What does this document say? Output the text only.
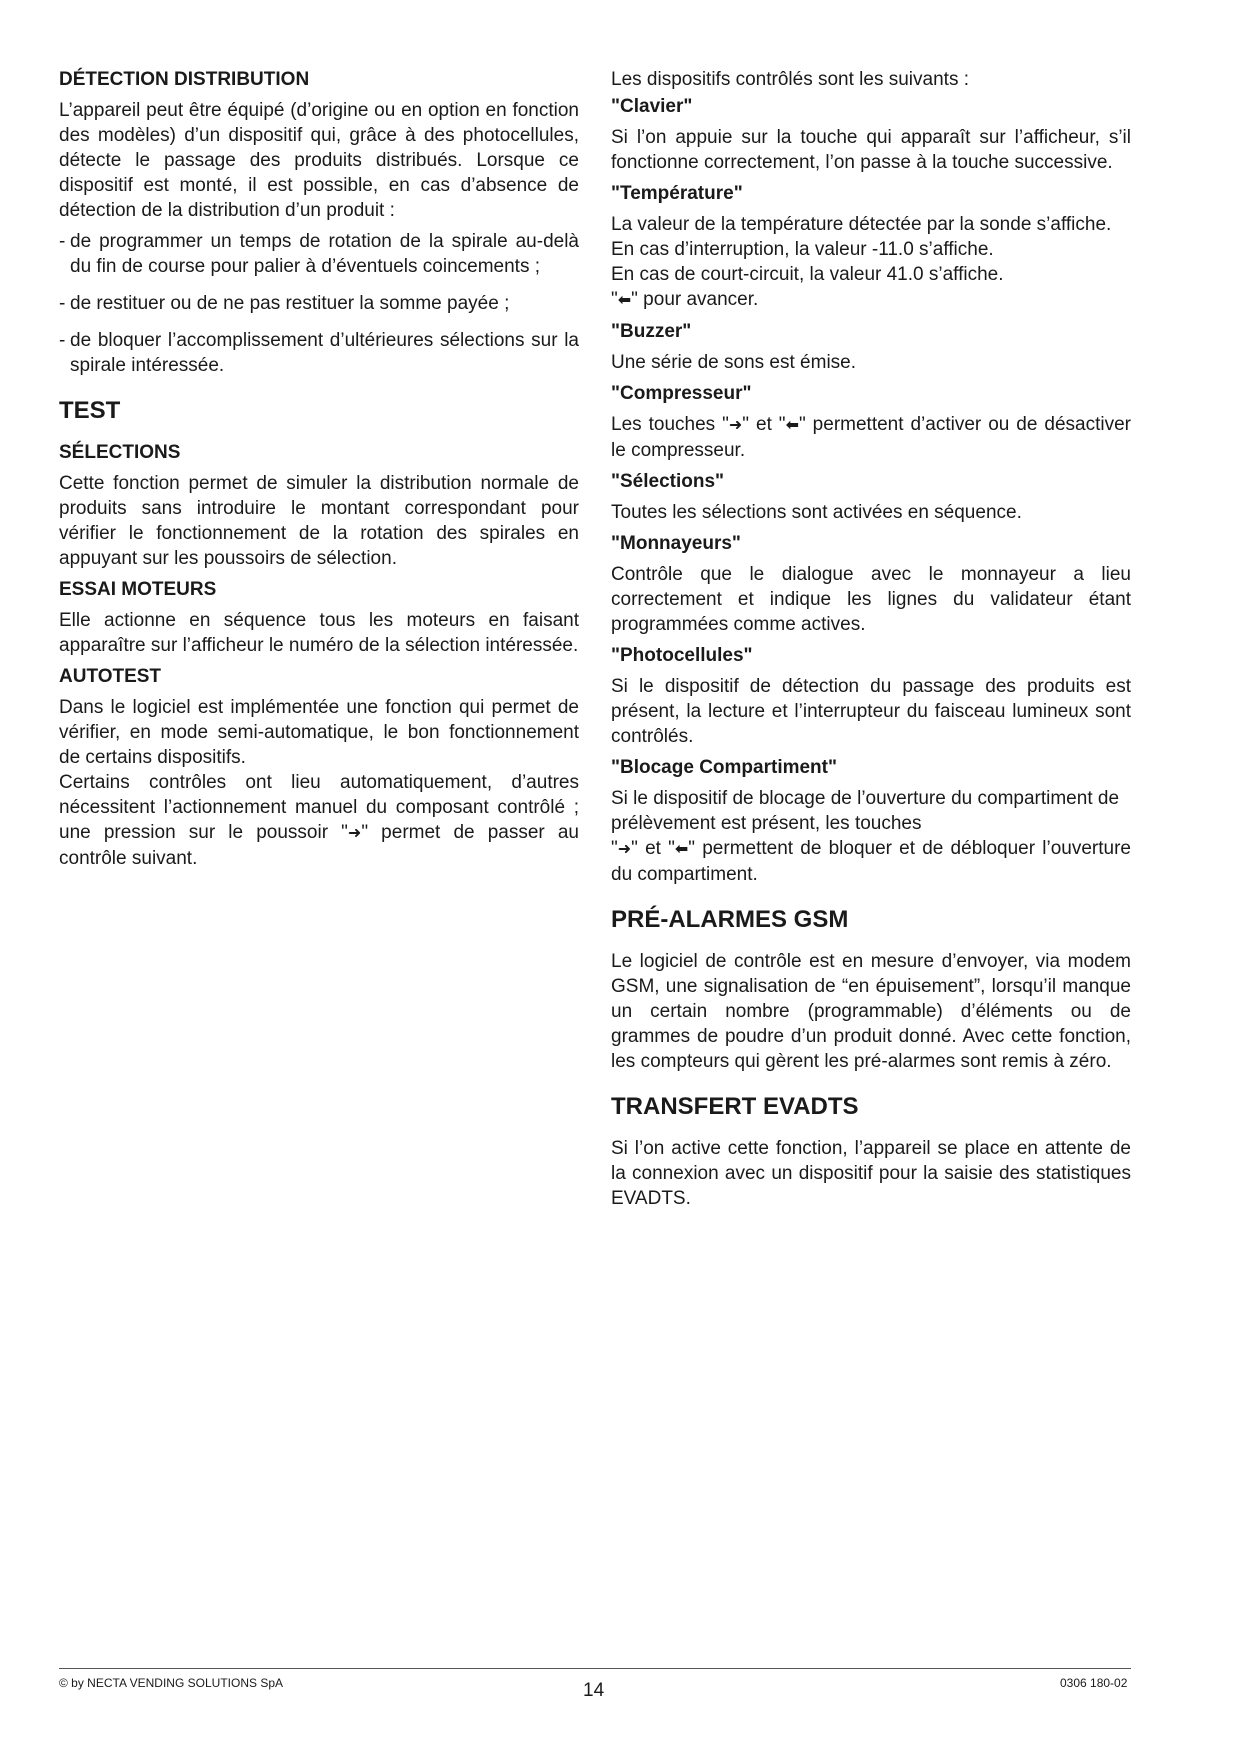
DÉTECTION DISTRIBUTION

L’appareil peut être équipé (d’origine ou en option en fonction des modèles) d’un dispositif qui, grâce à des photocellules, détecte le passage des produits distribués. Lorsque ce dispositif est monté, il est possible, en cas d’absence de détection de la distribution d’un produit :

- de programmer un temps de rotation de la spirale au-delà du fin de course pour palier à d’éventuels coincements ;
- de restituer ou de ne pas restituer la somme payée ;
- de bloquer l’accomplissement d’ultérieures sélections sur la spirale intéressée.
TEST
SÉLECTIONS

Cette fonction permet de simuler la distribution normale de produits sans introduire le montant correspondant pour vérifier le fonctionnement de la rotation des spirales en appuyant sur les poussoirs de sélection.

ESSAI MOTEURS

Elle actionne en séquence tous les moteurs en faisant apparaître sur l’afficheur le numéro de la sélection intéressée.

AUTOTEST

Dans le logiciel est implémentée une fonction qui permet de vérifier, en mode semi-automatique, le bon fonctionnement de certains dispositifs.

Certains contrôles ont lieu automatiquement, d’autres nécessitent l’actionnement manuel du composant contrôlé ; une pression sur le poussoir "➜" permet de passer au contrôle suivant.

Les dispositifs contrôlés sont les suivants :

"Clavier"

Si l’on appuie sur la touche qui apparaît sur l’afficheur, s’il fonctionne correctement, l’on passe à la touche successive.

"Température"

La valeur de la température détectée par la sonde s’affiche.

En cas d’interruption, la valeur -11.0 s’affiche.

En cas de court-circuit, la valeur 41.0 s’affiche.

"⬅" pour avancer.

"Buzzer"

Une série de sons est émise.

"Compresseur"

Les touches "➜" et "⬅" permettent d’activer ou de désactiver le compresseur.

"Sélections"

Toutes les sélections sont activées en séquence.

"Monnayeurs"

Contrôle que le dialogue avec le monnayeur a lieu correctement et indique les lignes du validateur étant programmées comme actives.

"Photocellules"

Si le dispositif de détection du passage des produits est présent, la lecture et l’interrupteur du faisceau lumineux sont contrôlés.

"Blocage Compartiment"

Si le dispositif de blocage de l’ouverture du compartiment de prélèvement est présent, les touches

"➜" et "⬅" permettent de bloquer et de débloquer l’ouverture du compartiment.

PRÉ-ALARMES GSM

Le logiciel de contrôle est en mesure d’envoyer, via modem GSM, une signalisation de “en épuisement”, lorsqu’il manque un certain nombre (programmable) d’éléments ou de grammes de poudre d’un produit donné. Avec cette fonction, les compteurs qui gèrent les pré-alarmes sont remis à zéro.

TRANSFERT EVADTS

Si l’on active cette fonction, l’appareil se place en attente de la connexion avec un dispositif pour la saisie des statistiques EVADTS.

© by NECTA VENDING SOLUTIONS SpA	14	0306 180-02
